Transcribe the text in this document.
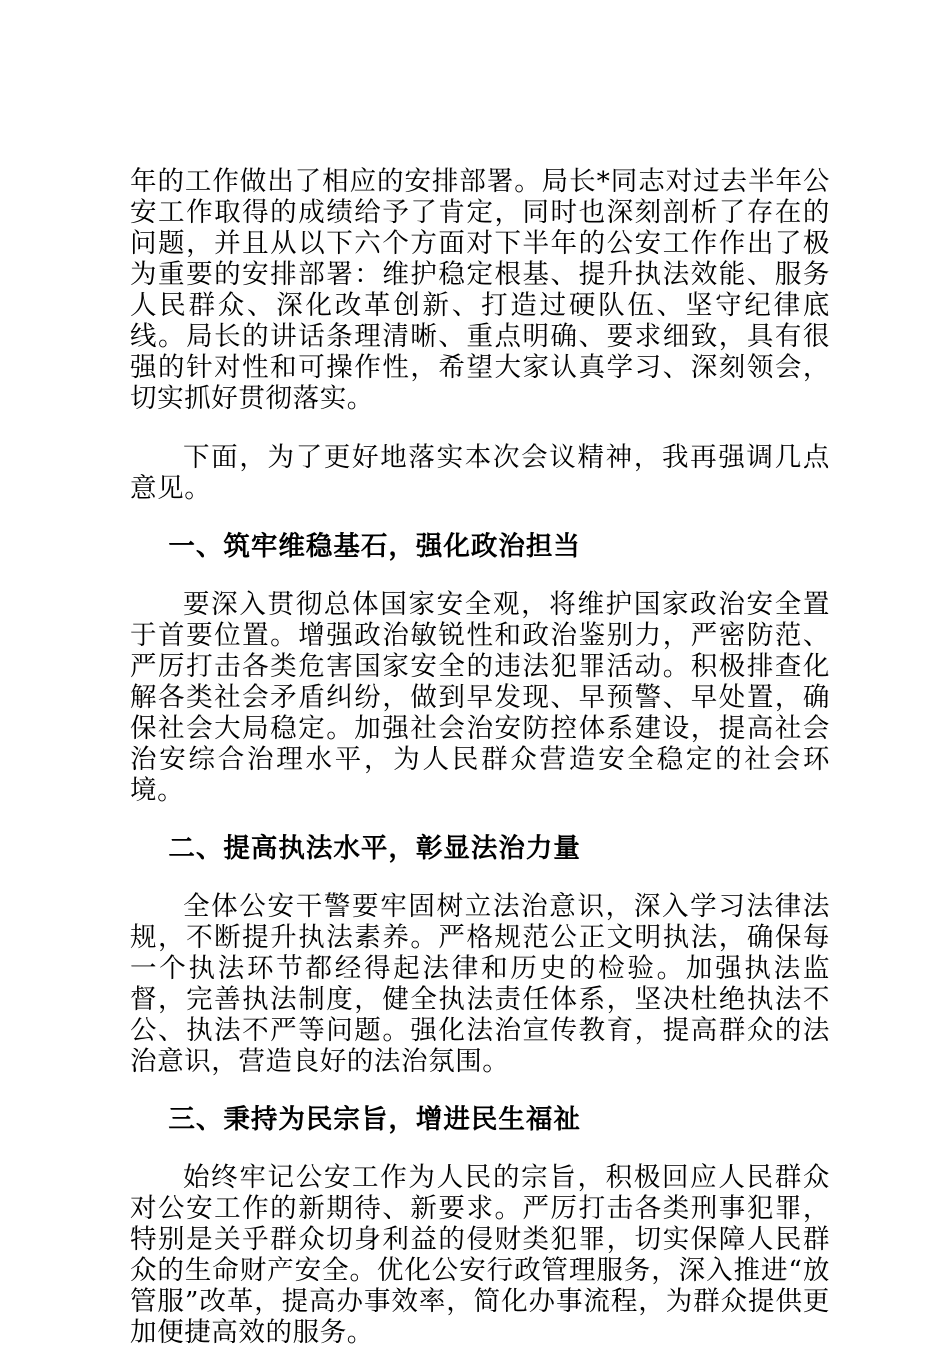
年的工作做出了相应的安排部署。局长*同志对过去半年公安工作取得的成绩给予了肯定，同时也深刻剖析了存在的问题，并且从以下六个方面对下半年的公安工作作出了极为重要的安排部署：维护稳定根基、提升执法效能、服务人民群众、深化改革创新、打造过硬队伍、坚守纪律底线。局长的讲话条理清晰、重点明确、要求细致，具有很强的针对性和可操作性，希望大家认真学习、深刻领会，切实抓好贯彻落实。

下面，为了更好地落实本次会议精神，我再强调几点意见。

一、筑牢维稳基石，强化政治担当

要深入贯彻总体国家安全观，将维护国家政治安全置于首要位置。增强政治敏锐性和政治鉴别力，严密防范、严厉打击各类危害国家安全的违法犯罪活动。积极排查化解各类社会矛盾纠纷，做到早发现、早预警、早处置，确保社会大局稳定。加强社会治安防控体系建设，提高社会治安综合治理水平，为人民群众营造安全稳定的社会环境。

二、提高执法水平，彰显法治力量

全体公安干警要牢固树立法治意识，深入学习法律法规，不断提升执法素养。严格规范公正文明执法，确保每一个执法环节都经得起法律和历史的检验。加强执法监督，完善执法制度，健全执法责任体系，坚决杜绝执法不公、执法不严等问题。强化法治宣传教育，提高群众的法治意识，营造良好的法治氛围。

三、秉持为民宗旨，增进民生福祉

始终牢记公安工作为人民的宗旨，积极回应人民群众对公安工作的新期待、新要求。严厉打击各类刑事犯罪，特别是关乎群众切身利益的侵财类犯罪，切实保障人民群众的生命财产安全。优化公安行政管理服务，深入推进“放管服”改革，提高办事效率，简化办事流程，为群众提供更加便捷高效的服务。
